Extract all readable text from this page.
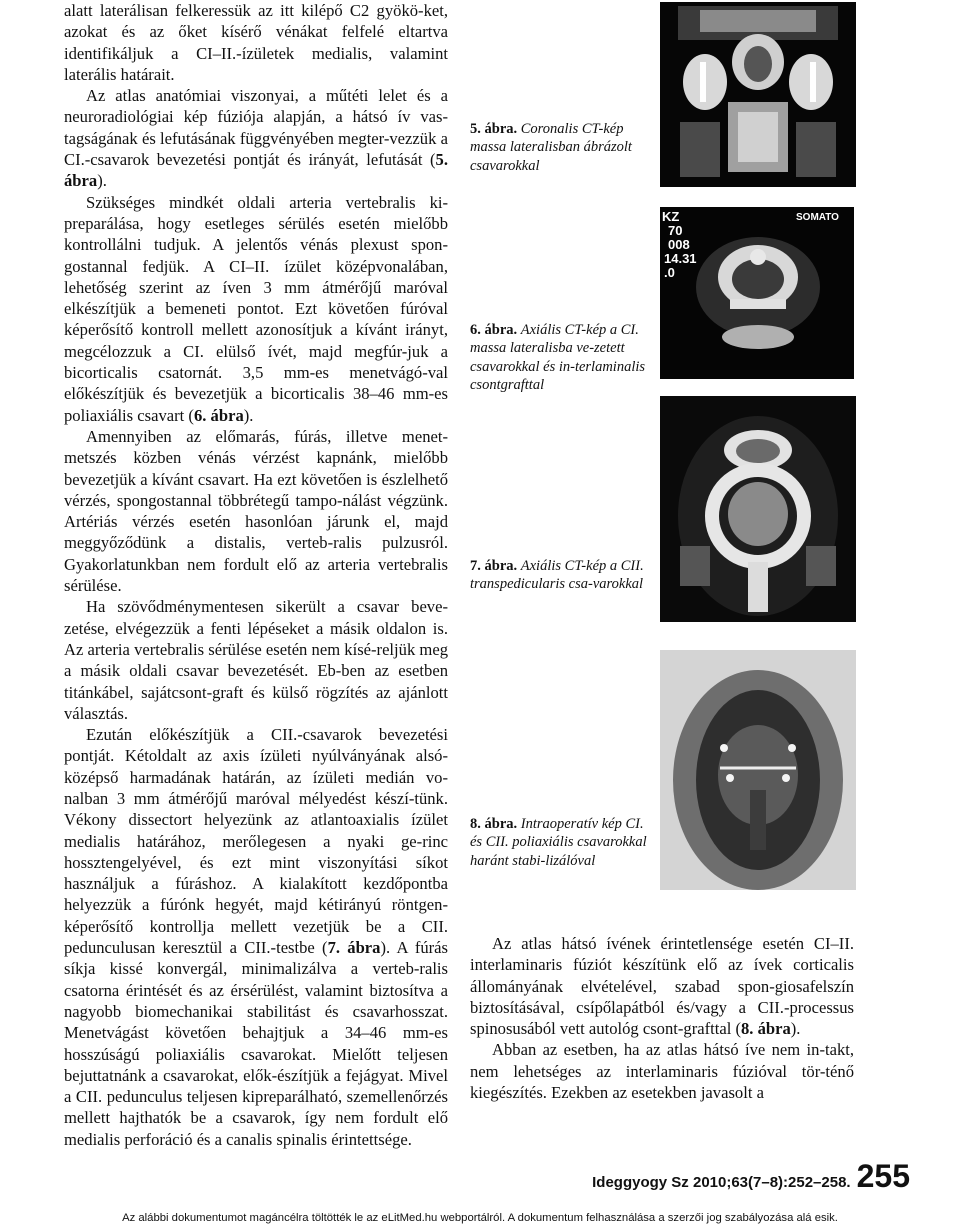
alatt laterálisan felkeressük az itt kilépő C2 gyökö-ket, azokat és az őket kísérő vénákat felfelé eltartva identifikáljuk a CI–II.-ízületek medialis, valamint laterális határait.

Az atlas anatómiai viszonyai, a műtéti lelet és a neuroradiológiai kép fúziója alapján, a hátsó ív vas-tagságának és lefutásának függvényében megter-vezzük a CI.-csavarok bevezetési pontját és irányát, lefutását (5. ábra).

Szükséges mindkét oldali arteria vertebralis ki-preparálása, hogy esetleges sérülés esetén mielőbb kontrollálni tudjuk. A jelentős vénás plexust spon-gostannal fedjük. A CI–II. ízület középvonalában, lehetőség szerint az íven 3 mm átmérőjű maróval elkészítjük a bemeneti pontot. Ezt követően fúróval képerősítő kontroll mellett azonosítjuk a kívánt irányt, megcélozzuk a CI. elülső ívét, majd megfúr-juk a bicorticalis csatornát. 3,5 mm-es menetvágó-val előkészítjük és bevezetjük a bicorticalis 38–46 mm-es poliaxiális csavart (6. ábra).

Amennyiben az előmarás, fúrás, illetve menet-metszés közben vénás vérzést kapnánk, mielőbb bevezetjük a kívánt csavart. Ha ezt követően is észlelhető vérzés, spongostannal többrétegű tampo-nálást végzünk. Artériás vérzés esetén hasonlóan járunk el, majd meggyőződünk a distalis, verteb-ralis pulzusról. Gyakorlatunkban nem fordult elő az arteria vertebralis sérülése.

Ha szövődménymentesen sikerült a csavar beve-zetése, elvégezzük a fenti lépéseket a másik oldalon is. Az arteria vertebralis sérülése esetén nem kísé-reljük meg a másik oldali csavar bevezetését. Eb-ben az esetben titánkábel, sajátcsont-graft és külső rögzítés az ajánlott választás.

Ezután előkészítjük a CII.-csavarok bevezetési pontját. Kétoldalt az axis ízületi nyúlványának alsó-középső harmadának határán, az ízületi medián vo-nalban 3 mm átmérőjű maróval mélyedést készí-tünk. Vékony dissectort helyezünk az atlantoaxialis ízület medialis határához, merőlegesen a nyaki ge-rinc hossztengelyével, és ezt mint viszonyítási síkot használjuk a fúráshoz. A kialakított kezdőpontba helyezzük a fúrónk hegyét, majd kétirányú röntgen-képerősítő kontrollja mellett vezetjük be a CII. pedunculusan keresztül a CII.-testbe (7. ábra). A fúrás síkja kissé konvergál, minimalizálva a verteb-ralis csatorna érintését és az érsérülést, valamint biztosítva a nagyobb biomechanikai stabilitást és csavarhosszat. Menetvágást követően behajtjuk a 34–46 mm-es hosszúságú poliaxiális csavarokat. Mielőtt teljesen bejuttatnánk a csavarokat, elők-észítjük a fejágyat. Mivel a CII. pedunculus teljesen kipreparálható, szemellenőrzés mellett hajthatók be a csavarok, így nem fordult elő medialis perforáció és a canalis spinalis érintettsége.

5. ábra. Coronalis CT-kép massa lateralisban ábrázolt csavarokkal
KZ
70
008
14.31
.0
SOMATO
6. ábra. Axiális CT-kép a CI. massa lateralisba ve-zetett csavarokkal és in-terlaminalis csontgrafttal
7. ábra. Axiális CT-kép a CII. transpedicularis csa-varokkal
8. ábra. Intraoperatív kép CI. és CII. poliaxiális csavarokkal haránt stabi-lizálóval

Az atlas hátsó ívének érintetlensége esetén CI–II. interlaminaris fúziót készítünk elő az ívek corticalis állományának elvételével, szabad spon-giosafelszín biztosításával, csípőlapátból és/vagy a CII.-processus spinosusából vett autológ csont-grafttal (8. ábra).

Abban az esetben, ha az atlas hátsó íve nem in-takt, nem lehetséges az interlaminaris fúzióval tör-ténő kiegészítés. Ezekben az esetekben javasolt a

Ideggyogy Sz 2010;63(7–8):252–258. 255
Az alábbi dokumentumot magáncélra töltötték le az eLitMed.hu webportálról. A dokumentum felhasználása a szerzői jog szabályozása alá esik.
